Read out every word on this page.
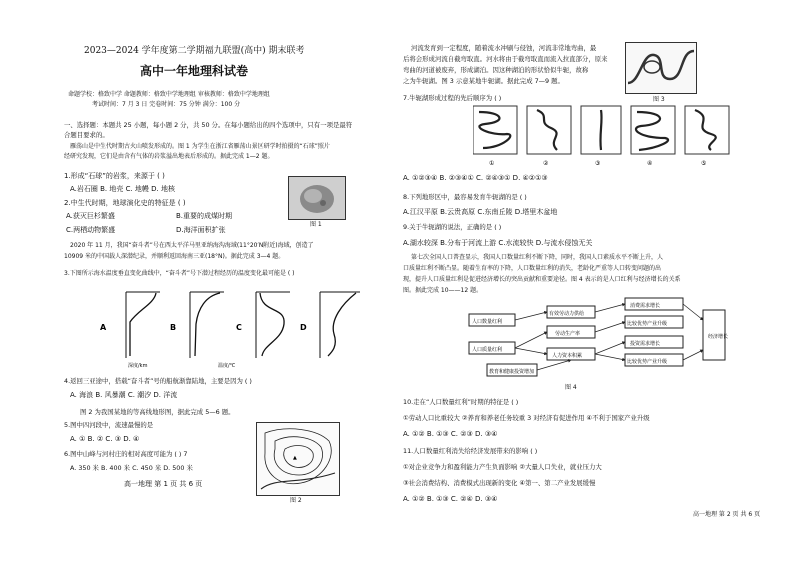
2023—2024 学年度第二学期福九联盟(高中) 期末联考
高中一年地理科试卷
命题学校：格致中学 命题教师：格致中学地理组 审核教师：格致中学地理组
考试时间：7 月 3 日 完卷时间：75 分钟 满分：100 分
一、选择题：本题共 25 小题，每小题 2 分，共 50 分。在每小题给出的四个选项中，只有一项是最符
合题目要求的。
雁荡山是中生代时期古火山喷发形成的。图 1 为学生在浙江省雁荡山景区研学时拍摄的“石球”照片
经研究发现，它们是由含有气体的岩浆溢出地表后形成的。据此完成 1—2 题。
1.形成“石球”的岩浆，来源于 ( )
A.岩石圈 B. 地壳 C. 地幔 D. 地核
图 1
2.中生代时期，地球演化史的特征是 ( )
A.获灭巨杉繁盛	B.重要的成煤时期
C.两栖动物繁盛	D.海洋面积扩张
2020 年 11 月，我国“奋斗者”号在西太平洋马里亚纳海沟海域(11°20′N附近)海域，创造了
10909 米的中国载人深潜纪录，并顺利返回海南三亚(18°N)。据此完成 3—4 题。
3.下图所示海水温度垂直变化曲线中，“奋斗者”号下潜过程经历的温度变化最可能是 ( )
A	B	C	D
温度/℃
深度/km
4.返回三亚途中，搭载“奋斗者”号的船航渐靠陆地，主要是因为 ( )
A. 海浪 B. 风暴潮 C. 潮汐 D. 洋流
图 2 为我国某地的等高线地形图，据此完成 5—6 题。
5.图中四河段中，流速最慢的是
A. ① B. ② C. ③ D. ④
6.图中山峰与河村庄的相对高度可能为 ( ) 7
A. 350 米 B. 400 米 C. 450 米 D. 500 米
▲
图 2
高一地理 第 1 页 共 6 页
河流发育到一定程度，随着流水冲刷与侵蚀，河流非常地弯曲，最
后将会形成河流自截弯取直。河水将由于截弯取直而流入拉直部分，原来
弯曲的河道被废弃，形成湖泊。因这种湖泊的形状恰似牛轭，故称
之为牛轭湖。图 3 示意某地牛轭湖。据此完成 7—9 题。
图 3
7.牛轭湖形成过程的先后顺序为 ( )
①	②	③	④	⑤
A. ①②③④ B. ②③④① C. ②④③① D. ④②①③
8.下列地形区中，最容易发育牛轭湖的是 ( )
A.江汉平原 B.云贵高原 C.东南丘陵 D.塔里木盆地
9.关于牛轭湖的说法，正确的是 ( )
A.湖水较深 B.分布于河流上游 C.水流较快 D.与流水侵蚀无关
第七次全国人口普查显示，我国人口数量红利不断下降，同时，我国人口素质水平不断上升，人
口质量红利不断凸显。随着生育率的下降，人口数量红利的消失，老龄化严重等人口转变问题的出
现，提升人口质量红利是促进经济增长的突出贡献和重要途径。图 4 表示的是人口红利与经济增长的关系
图。据此完成 10——12 题。
人口数量红利
人口质量红利
有效劳动力供给
劳动生产率
人力资本积累
消费需求增长
比较优势产业升级
投资需求增长
比较优势产业升级
经济增长
教育和健康投资增加
图 4
10.走在“人口数量红利”时期的特征是 ( )
①劳动人口比重较大 ②养育和养老任务较重 3 对经济有促进作用 ④不利于国家产业升级
A. ①② B. ①③ C. ②③ D. ③④
11.人口数量红利消失给经济发展带来的影响 ( )
①对企业竞争力和盈利能力产生负面影响 ②大量人口失业，就业压力大
③社会消费结构、消费模式出现新的变化 ④第一、第二产业发展缓慢
A. ①② B. ①③ C. ②④ D. ③④
高一地理 第 2 页 共 6 页
